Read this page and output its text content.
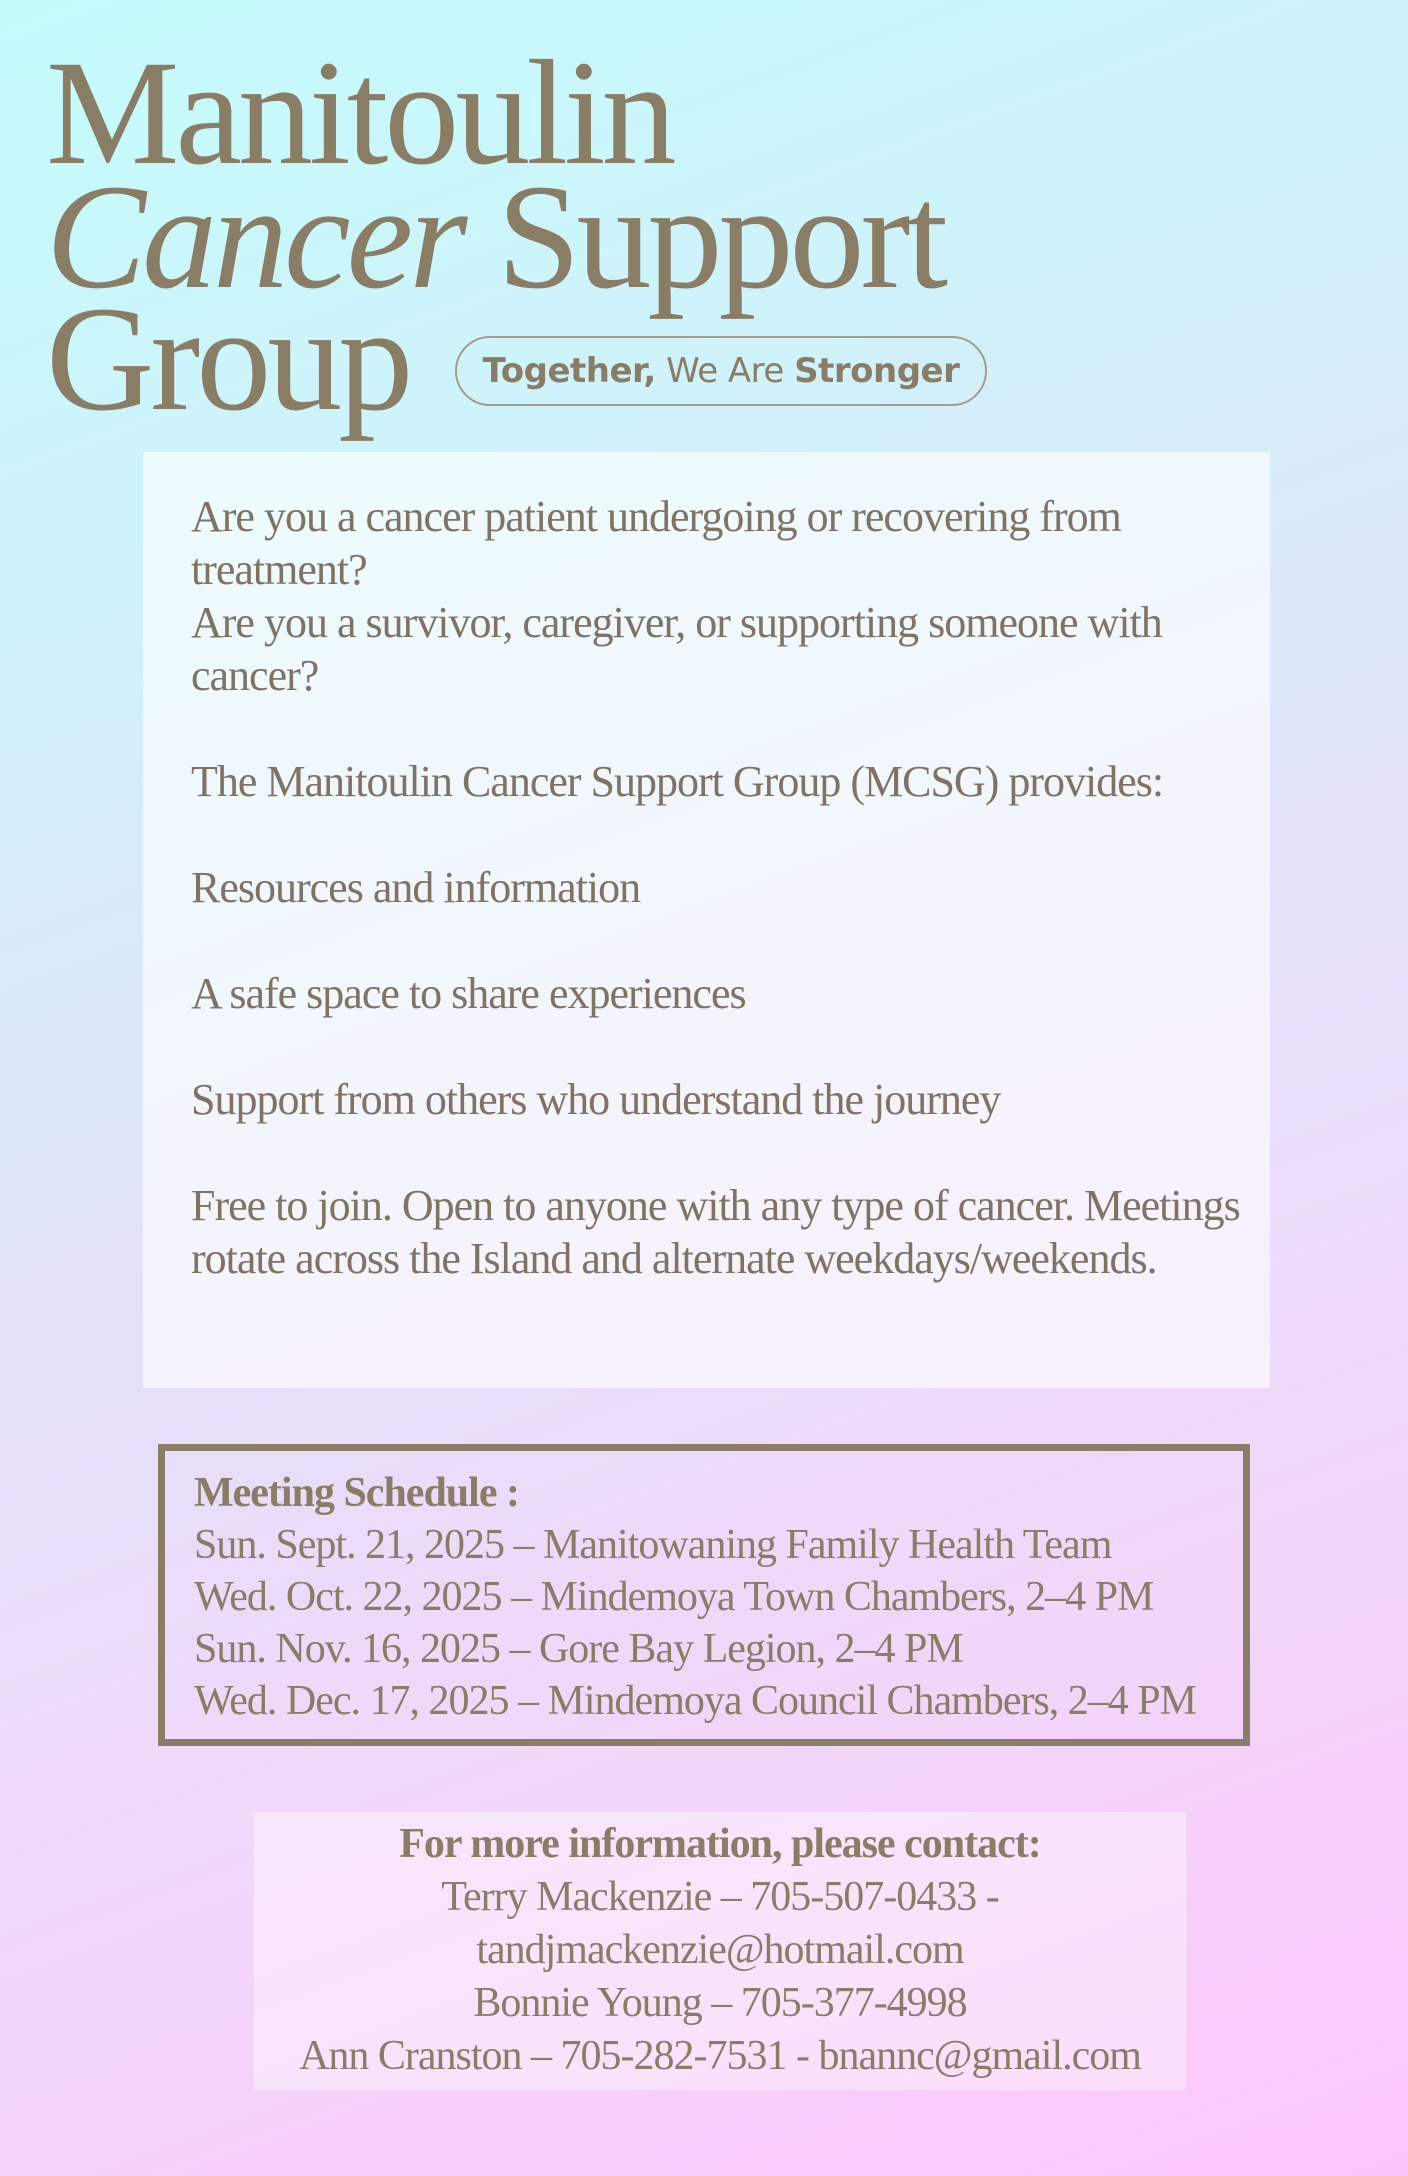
Manitoulin
Cancer Support
Group Together,
We Are
Stronger

Are you a cancer patient undergoing or recovering from treatment?

Are you a survivor, caregiver, or supporting someone with cancer?

The Manitoulin Cancer Support Group (MCSG) provides:

Resources and information

A safe space to share experiences

Support from others who understand the journey

Free to join. Open to anyone with any type of cancer. Meetings rotate across the Island and alternate weekdays/weekends.

Meeting Schedule :

Sun. Sept. 21, 2025 – Manitowaning Family Health Team

Wed. Oct. 22, 2025 – Mindemoya Town Chambers, 2–4 PM

Sun. Nov. 16, 2025 – Gore Bay Legion, 2–4 PM

Wed. Dec. 17, 2025 – Mindemoya Council Chambers, 2–4 PM

For more information, please contact:

Terry Mackenzie – 705-507-0433 -

tandjmackenzie@hotmail.com

Bonnie Young – 705-377-4998

Ann Cranston – 705-282-7531 - bnannc@gmail.com
